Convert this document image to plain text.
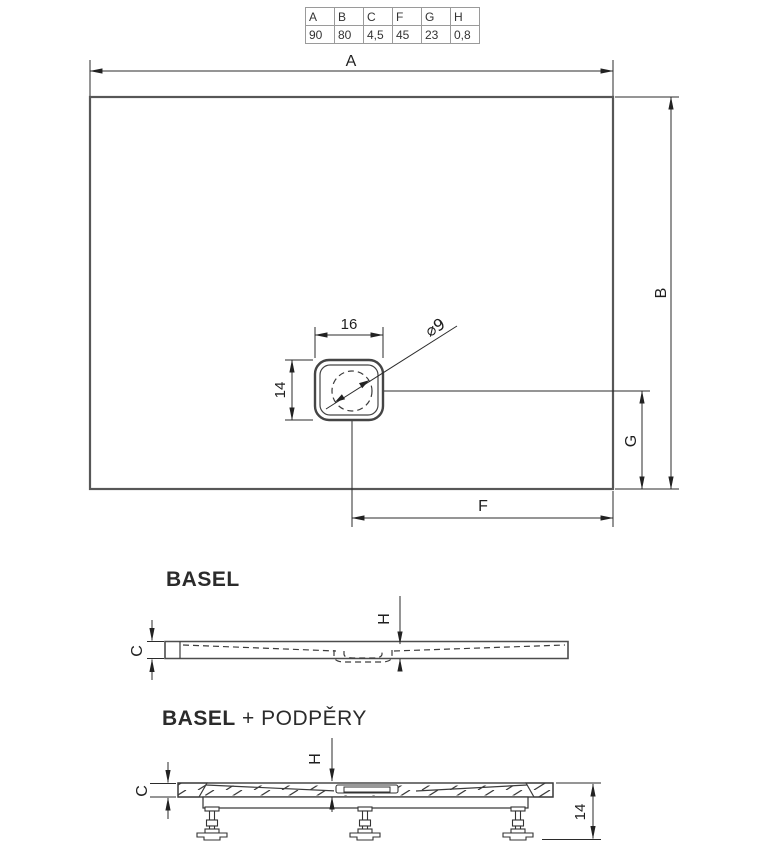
A	B	C	F	G	H
90	80	4,5	45	23	0,8
BASEL
BASEL + PODPĚRY
A
B
G
F
16
14
⌀9
C
H
C
H
14
